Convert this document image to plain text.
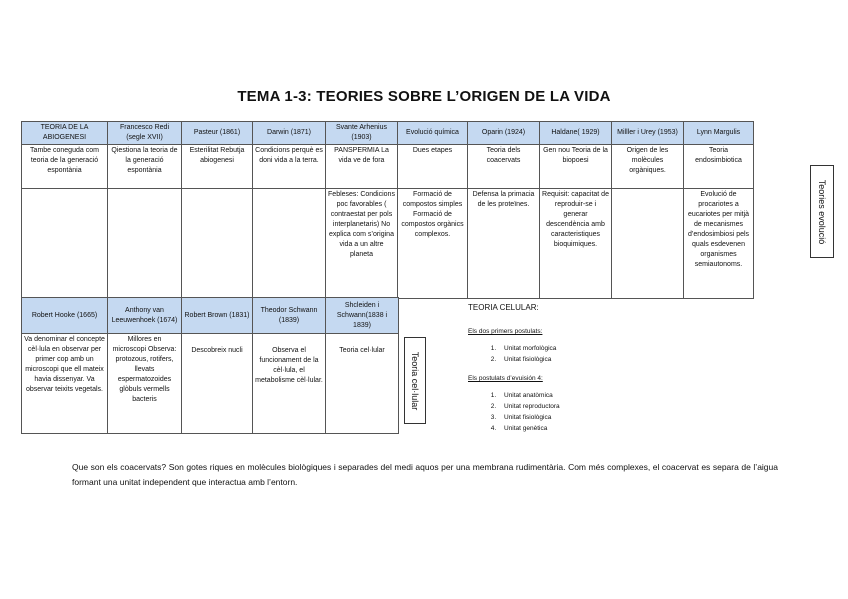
TEMA 1-3: TEORIES SOBRE L’ORIGEN DE LA VIDA
TEORIA DE LA ABIOGENESI	Francesco Redi (segle XVII)	Pasteur (1861)	Darwin (1871)	Svante Arhenius (1903)	Evolució química	Oparin (1924)	Haldane( 1929)	Milller i Urey (1953)	Lynn Margulis
Tambe coneguda com teoria de la generació espontània	Qiestiona la teoria de la generació espontània	Esterilitat Rebutja abiogenesi	Condicions perquè es doni vida a la terra.	PANSPERMIA La vida ve de fora	Dues etapes	Teoria dels coacervats	Gen nou Teoria de la biopoesi	Origen de les molècules orgàniques.	Teoria endosimbiotica
				Febleses: Condicions poc favorables ( contraestat per pols interplanetaris) No explica com s’origina vida a un altre planeta	Formació de compostos simples Formació de compostos orgànics complexos.	Defensa la primacia de les proteïnes.	Requisit: capacitat de reproduir-se i generar descendència amb caracteristiques bioquimiques.		Evolució de procariotes a eucariotes per mitjà de mecanismes d’endosimbiosi pels quals esdevenen organismes semiautonoms.
Teories evolució
Robert Hooke (1665)	Anthony van Leeuwenhoek (1674)	Robert Brown (1831)	Theodor Schwann (1839)	Shcleiden i Schwann(1838 i 1839)
Va denominar el concepte cèl·lula en observar per primer cop amb un microscopi que ell mateix havia dissenyar. Va observar teixits vegetals.	Millores en microscopi Observa: protozous, rotifers, llevats espermatozoides glòbuls vermells bacteris	Descobreix nucli	Observa el funcionament de la cèl·lula, el metabolisme cèl·lular.	Teoria cel·lular
Teoria cel·lular
TEORIA CELULAR:
Els dos primers postulats:
1. Unitat morfològica
2. Unitat fisiològica
Els postulats d’evuisión 4:
1. Unitat anatòmica
2. Unitat reproductora
3. Unitat fisiològica
4. Unitat genètica
Que son els coacervats? Son gotes riques en molècules biològiques i separades del medi aquos per una membrana rudimentària. Com més complexes, el coacervat es separa de l’aigua formant una unitat independent que interactua amb l’entorn.
